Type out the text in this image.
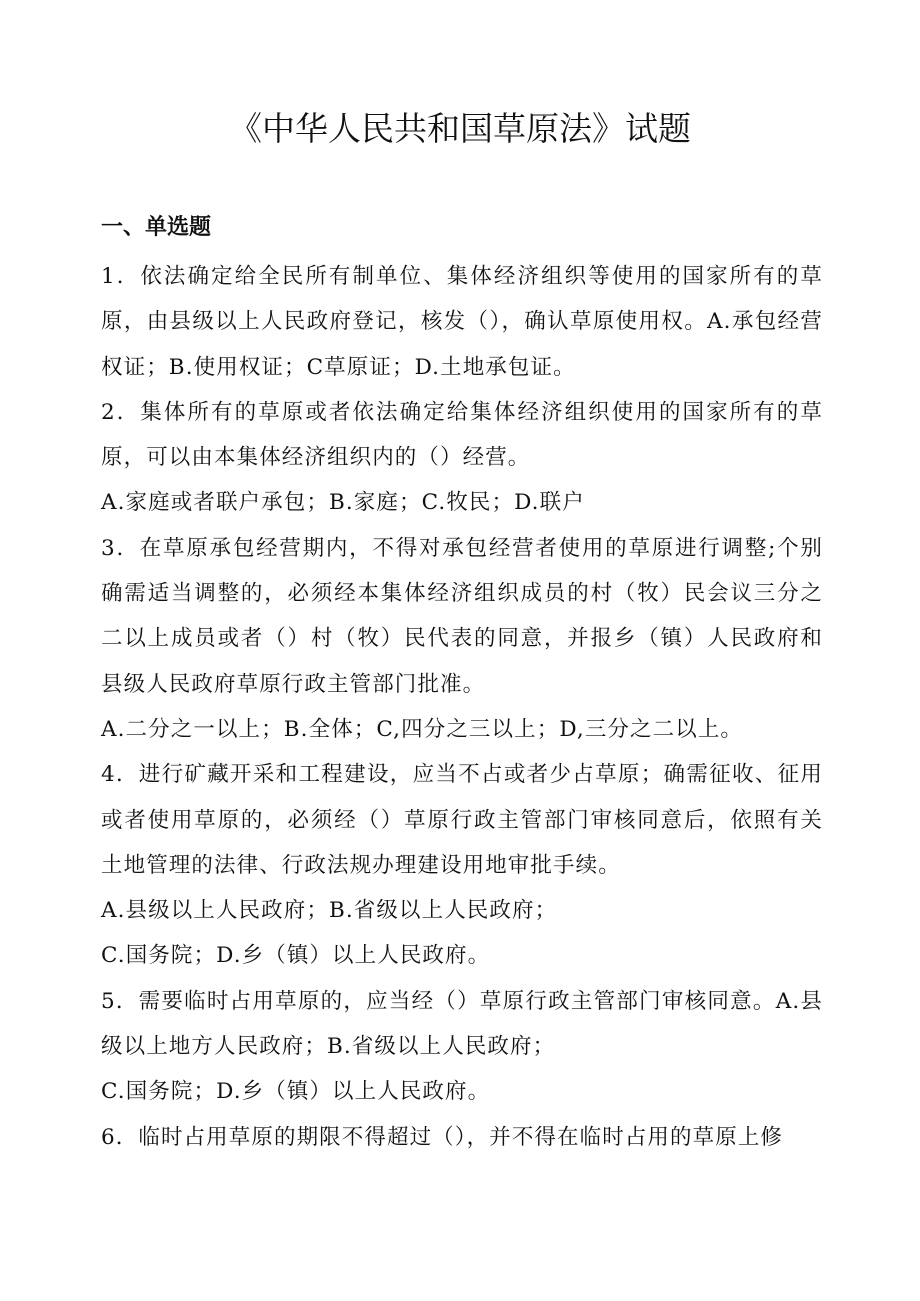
《中华人民共和国草原法》试题
一、单选题

1．依法确定给全民所有制单位、集体经济组织等使用的国家所有的草原，由县级以上人民政府登记，核发（），确认草原使用权。A.承包经营权证；B.使用权证；C草原证；D.土地承包证。

2．集体所有的草原或者依法确定给集体经济组织使用的国家所有的草原，可以由本集体经济组织内的（）经营。

A.家庭或者联户承包；B.家庭；C.牧民；D.联户

3．在草原承包经营期内，不得对承包经营者使用的草原进行调整;个别确需适当调整的，必须经本集体经济组织成员的村（牧）民会议三分之二以上成员或者（）村（牧）民代表的同意，并报乡（镇）人民政府和县级人民政府草原行政主管部门批准。

A.二分之一以上；B.全体；C,四分之三以上；D,三分之二以上。

4．进行矿藏开采和工程建设，应当不占或者少占草原；确需征收、征用或者使用草原的，必须经（）草原行政主管部门审核同意后，依照有关土地管理的法律、行政法规办理建设用地审批手续。

A.县级以上人民政府；B.省级以上人民政府；

C.国务院；D.乡（镇）以上人民政府。

5．需要临时占用草原的，应当经（）草原行政主管部门审核同意。A.县级以上地方人民政府；B.省级以上人民政府；

C.国务院；D.乡（镇）以上人民政府。

6．临时占用草原的期限不得超过（），并不得在临时占用的草原上修
